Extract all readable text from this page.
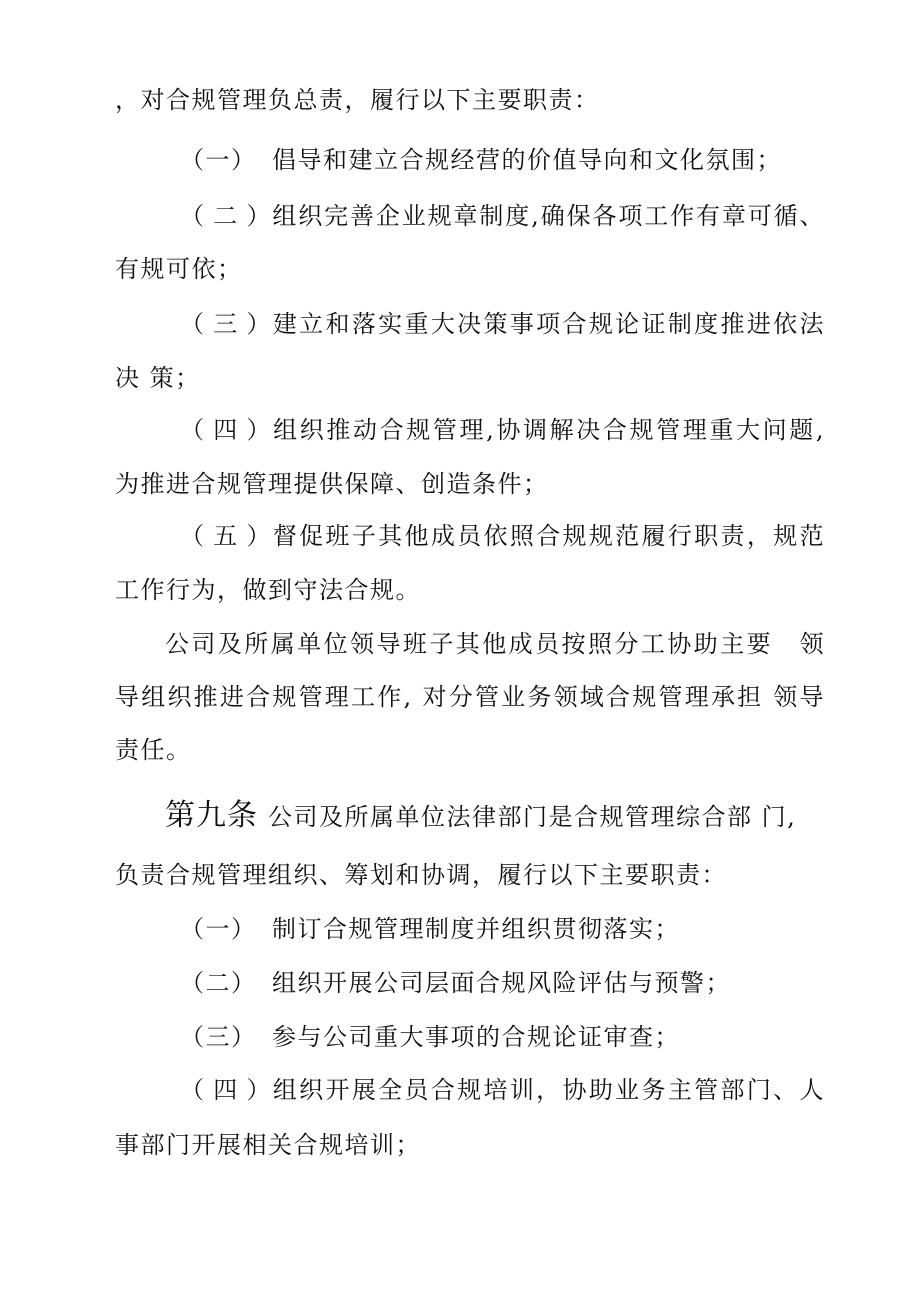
，对合规管理负总责，履行以下主要职责：
（一） 倡导和建立合规经营的价值导向和文化氛围；
（二）组织完善企业规章制度,确保各项工作有章可循、
有规可依；
（三）建立和落实重大决策事项合规论证制度推进依法
决 策；
（四）组织推动合规管理,协调解决合规管理重大问题,
为推进合规管理提供保障、创造条件；
（五）督促班子其他成员依照合规规范履行职责，规范
工作行为，做到守法合规。
公司及所属单位领导班子其他成员按照分工协助主要　领
导组织推进合规管理工作, 对分管业务领域合规管理承担 领导
责任。
第九条 公司及所属单位法律部门是合规管理综合部 门,
负责合规管理组织、筹划和协调，履行以下主要职责：
（一） 制订合规管理制度并组织贯彻落实；
（二） 组织开展公司层面合规风险评估与预警；
（三） 参与公司重大事项的合规论证审查；
（四）组织开展全员合规培训，协助业务主管部门、人
事部门开展相关合规培训；
